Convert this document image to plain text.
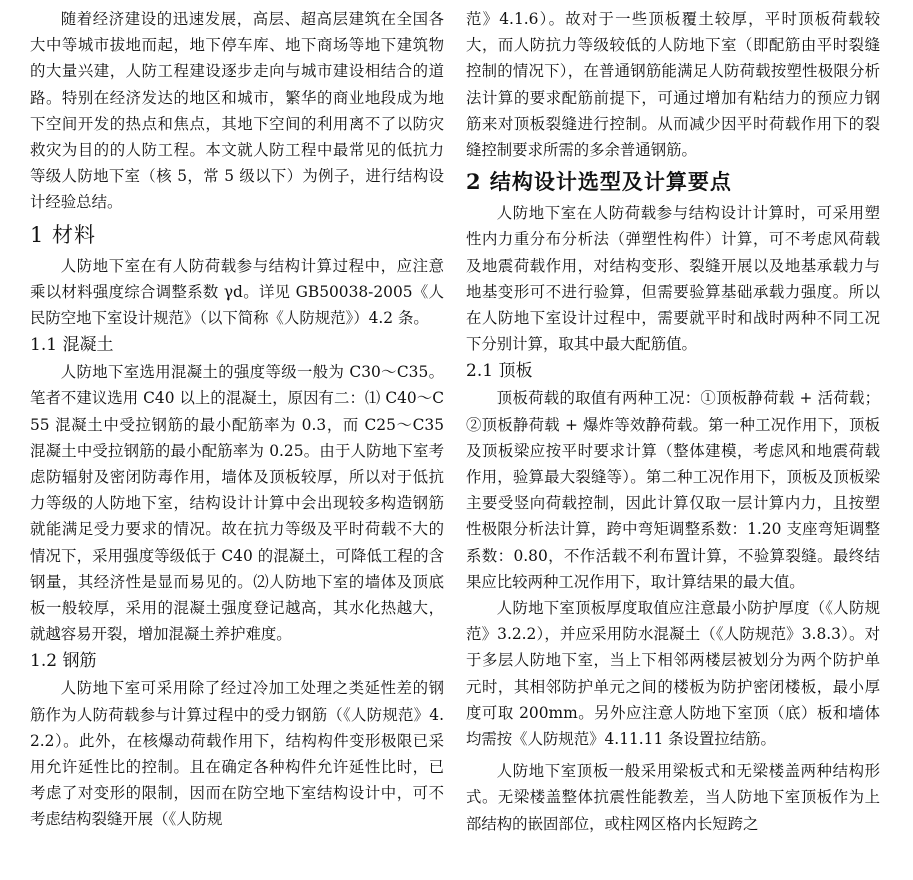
随着经济建设的迅速发展，高层、超高层建筑在全国各大中等城市拔地而起，地下停车库、地下商场等地下建筑物的大量兴建，人防工程建设逐步走向与城市建设相结合的道路。特别在经济发达的地区和城市，繁华的商业地段成为地下空间开发的热点和焦点，其地下空间的利用离不了以防灾救灾为目的的人防工程。本文就人防工程中最常见的低抗力等级人防地下室（核 5，常 5 级以下）为例子，进行结构设计经验总结。

1 材料

人防地下室在有人防荷载参与结构计算过程中，应注意乘以材料强度综合调整系数 γd。详见 GB50038-2005《人民防空地下室设计规范》（以下简称《人防规范》）4.2 条。

1.1 混凝土

人防地下室选用混凝土的强度等级一般为 C30～C35。笔者不建议选用 C40 以上的混凝土，原因有二：⑴ C40～C55 混凝土中受拉钢筋的最小配筋率为 0.3，而 C25～C35 混凝土中受拉钢筋的最小配筋率为 0.25。由于人防地下室考虑防辐射及密闭防毒作用，墙体及顶板较厚，所以对于低抗力等级的人防地下室，结构设计计算中会出现较多构造钢筋就能满足受力要求的情况。故在抗力等级及平时荷载不大的情况下，采用强度等级低于 C40 的混凝土，可降低工程的含钢量，其经济性是显而易见的。⑵人防地下室的墙体及顶底板一般较厚，采用的混凝土强度登记越高，其水化热越大，就越容易开裂，增加混凝土养护难度。

1.2 钢筋

人防地下室可采用除了经过冷加工处理之类延性差的钢筋作为人防荷载参与计算过程中的受力钢筋（《人防规范》4.2.2）。此外，在核爆动荷载作用下，结构构件变形极限已采用允许延性比的控制。且在确定各种构件允许延性比时，已考虑了对变形的限制，因而在防空地下室结构设计中，可不考虑结构裂缝开展（《人防规

范》4.1.6）。故对于一些顶板覆土较厚，平时顶板荷载较大，而人防抗力等级较低的人防地下室（即配筋由平时裂缝控制的情况下），在普通钢筋能满足人防荷载按塑性极限分析法计算的要求配筋前提下，可通过增加有粘结力的预应力钢筋来对顶板裂缝进行控制。从而减少因平时荷载作用下的裂缝控制要求所需的多余普通钢筋。

2 结构设计选型及计算要点

人防地下室在人防荷载参与结构设计计算时，可采用塑性内力重分布分析法（弹塑性构件）计算，可不考虑风荷载及地震荷载作用，对结构变形、裂缝开展以及地基承载力与地基变形可不进行验算，但需要验算基础承载力强度。所以在人防地下室设计过程中，需要就平时和战时两种不同工况下分别计算，取其中最大配筋值。

2.1 顶板

顶板荷载的取值有两种工况：①顶板静荷载 + 活荷载；②顶板静荷载 + 爆炸等效静荷载。第一种工况作用下，顶板及顶板梁应按平时要求计算（整体建模，考虑风和地震荷载作用，验算最大裂缝等）。第二种工况作用下，顶板及顶板梁主要受竖向荷载控制，因此计算仅取一层计算内力，且按塑性极限分析法计算，跨中弯矩调整系数：1.20 支座弯矩调整系数：0.80，不作活载不利布置计算，不验算裂缝。最终结果应比较两种工况作用下，取计算结果的最大值。

人防地下室顶板厚度取值应注意最小防护厚度（《人防规范》3.2.2），并应采用防水混凝土（《人防规范》3.8.3）。对于多层人防地下室，当上下相邻两楼层被划分为两个防护单元时，其相邻防护单元之间的楼板为防护密闭楼板，最小厚度可取 200mm。另外应注意人防地下室顶（底）板和墙体均需按《人防规范》4.11.11 条设置拉结筋。

人防地下室顶板一般采用梁板式和无梁楼盖两种结构形式。无梁楼盖整体抗震性能教差，当人防地下室顶板作为上部结构的嵌固部位，或柱网区格内长短跨之
